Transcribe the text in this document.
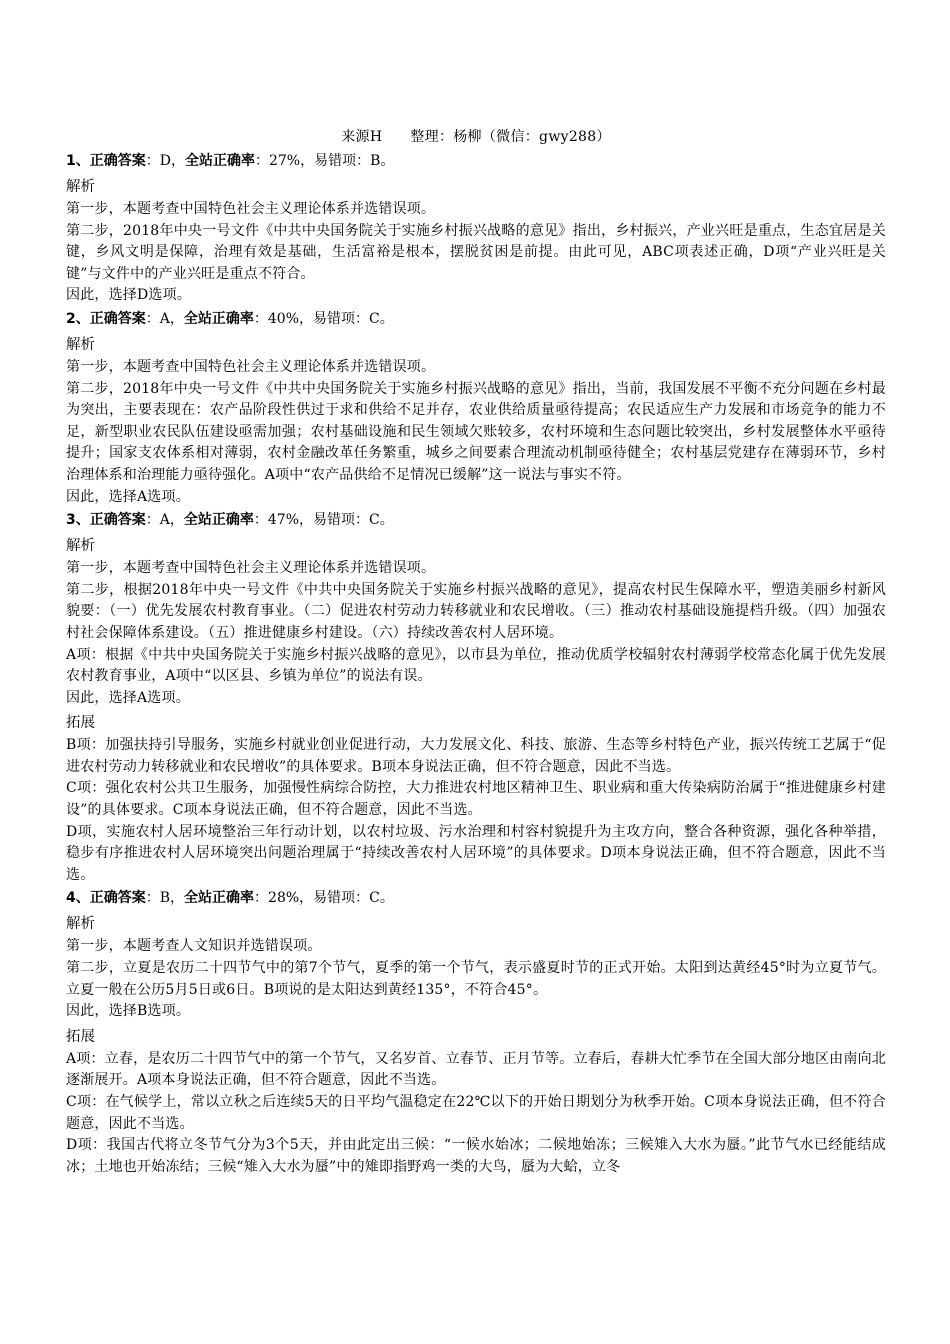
来源H 整理：杨柳（微信：gwy288）

1、正确答案：D，全站正确率：27%，易错项：B。

解析

第一步，本题考查中国特色社会主义理论体系并选错误项。

第二步，2018年中央一号文件《中共中央国务院关于实施乡村振兴战略的意见》指出，乡村振兴，产业兴旺是重点，生态宜居是关键，乡风文明是保障，治理有效是基础，生活富裕是根本，摆脱贫困是前提。由此可见，ABC项表述正确，D项“产业兴旺是关键”与文件中的产业兴旺是重点不符合。

因此，选择D选项。

2、正确答案：A，全站正确率：40%，易错项：C。

解析

第一步，本题考查中国特色社会主义理论体系并选错误项。

第二步，2018年中央一号文件《中共中央国务院关于实施乡村振兴战略的意见》指出，当前，我国发展不平衡不充分问题在乡村最为突出，主要表现在：农产品阶段性供过于求和供给不足并存，农业供给质量亟待提高；农民适应生产力发展和市场竞争的能力不足，新型职业农民队伍建设亟需加强；农村基础设施和民生领域欠账较多，农村环境和生态问题比较突出，乡村发展整体水平亟待提升；国家支农体系相对薄弱，农村金融改革任务繁重，城乡之间要素合理流动机制亟待健全；农村基层党建存在薄弱环节，乡村治理体系和治理能力亟待强化。A项中“农产品供给不足情况已缓解”这一说法与事实不符。

因此，选择A选项。

3、正确答案：A，全站正确率：47%，易错项：C。

解析

第一步，本题考查中国特色社会主义理论体系并选错误项。

第二步，根据2018年中央一号文件《中共中央国务院关于实施乡村振兴战略的意见》，提高农村民生保障水平，塑造美丽乡村新风貌要：（一）优先发展农村教育事业。（二）促进农村劳动力转移就业和农民增收。（三）推动农村基础设施提档升级。（四）加强农村社会保障体系建设。（五）推进健康乡村建设。（六）持续改善农村人居环境。

A项：根据《中共中央国务院关于实施乡村振兴战略的意见》，以市县为单位，推动优质学校辐射农村薄弱学校常态化属于优先发展农村教育事业，A项中“以区县、乡镇为单位”的说法有误。

因此，选择A选项。

拓展

B项：加强扶持引导服务，实施乡村就业创业促进行动，大力发展文化、科技、旅游、生态等乡村特色产业，振兴传统工艺属于“促进农村劳动力转移就业和农民增收”的具体要求。B项本身说法正确，但不符合题意，因此不当选。

C项：强化农村公共卫生服务，加强慢性病综合防控，大力推进农村地区精神卫生、职业病和重大传染病防治属于“推进健康乡村建设”的具体要求。C项本身说法正确，但不符合题意，因此不当选。

D项，实施农村人居环境整治三年行动计划，以农村垃圾、污水治理和村容村貌提升为主攻方向，整合各种资源，强化各种举措，稳步有序推进农村人居环境突出问题治理属于“持续改善农村人居环境”的具体要求。D项本身说法正确，但不符合题意，因此不当选。

4、正确答案：B，全站正确率：28%，易错项：C。

解析

第一步，本题考查人文知识并选错误项。

第二步，立夏是农历二十四节气中的第7个节气，夏季的第一个节气，表示盛夏时节的正式开始。太阳到达黄经45°时为立夏节气。立夏一般在公历5月5日或6日。B项说的是太阳达到黄经135°，不符合45°。

因此，选择B选项。

拓展

A项：立春，是农历二十四节气中的第一个节气，又名岁首、立春节、正月节等。立春后，春耕大忙季节在全国大部分地区由南向北逐渐展开。A项本身说法正确，但不符合题意，因此不当选。

C项：在气候学上，常以立秋之后连续5天的日平均气温稳定在22℃以下的开始日期划分为秋季开始。C项本身说法正确，但不符合题意，因此不当选。

D项：我国古代将立冬节气分为3个5天，并由此定出三候：“一候水始冰；二候地始冻；三候雉入大水为蜃。”此节气水已经能结成冰；土地也开始冻结；三候“雉入大水为蜃”中的雉即指野鸡一类的大鸟，蜃为大蛤，立冬
